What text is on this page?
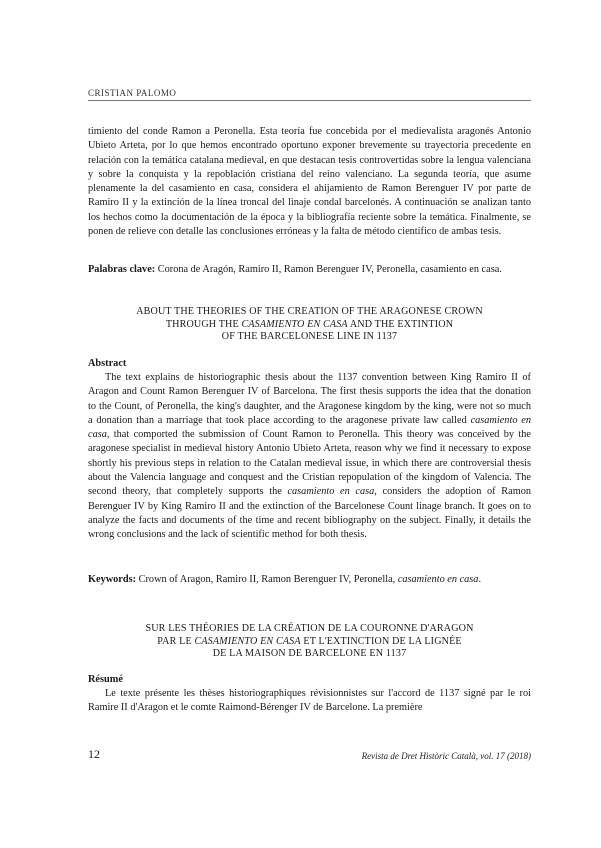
CRISTIAN PALOMO

timiento del conde Ramon a Peronella. Esta teoría fue concebida por el medievalista aragonés Antonio Ubieto Arteta, por lo que hemos encontrado oportuno exponer brevemente su trayectoria precedente en relación con la temática catalana medieval, en que destacan tesis controvertidas sobre la lengua valenciana y sobre la conquista y la repoblación cristiana del reino valenciano. La segunda teoría, que asume plenamente la del casamiento en casa, considera el ahijamiento de Ramon Berenguer IV por parte de Ramiro II y la extinción de la línea troncal del linaje condal barcelonés. A continuación se analizan tanto los hechos como la documentación de la época y la bibliografía reciente sobre la temática. Finalmente, se ponen de relieve con detalle las conclusiones erróneas y la falta de método científico de ambas tesis.

Palabras clave: Corona de Aragón, Ramiro II, Ramon Berenguer IV, Peronella, casamiento en casa.

ABOUT THE THEORIES OF THE CREATION OF THE ARAGONESE CROWN
THROUGH THE CASAMIENTO EN CASA AND THE EXTINTION
OF THE BARCELONESE LINE IN 1137
Abstract

The text explains de historiographic thesis about the 1137 convention between King Ramiro II of Aragon and Count Ramon Berenguer IV of Barcelona. The first thesis supports the idea that the donation to the Count, of Peronella, the king's daughter, and the Aragonese kingdom by the king, were not so much a donation than a marriage that took place according to the aragonese private law called casamiento en casa, that comported the submission of Count Ramon to Peronella. This theory was conceived by the aragonese specialist in medieval history Antonio Ubieto Arteta, reason why we find it necessary to expose shortly his previous steps in relation to the Catalan medieval issue, in which there are controversial thesis about the Valencia language and conquest and the Cristian repopulation of the kingdom of Valencia. The second theory, that completely supports the casamiento en casa, considers the adoption of Ramon Berenguer IV by King Ramiro II and the extinction of the Barcelonese Count linage branch. It goes on to analyze the facts and documents of the time and recent bibliography on the subject. Finally, it details the wrong conclusions and the lack of scientific method for both thesis.

Keywords: Crown of Aragon, Ramiro II, Ramon Berenguer IV, Peronella, casamiento en casa.

SUR LES THÉORIES DE LA CRÉATION DE LA COURONNE D'ARAGON
PAR LE CASAMIENTO EN CASA ET L'EXTINCTION DE LA LIGNÉE
DE LA MAISON DE BARCELONE EN 1137
Résumé

Le texte présente les thèses historiographiques révisionnistes sur l'accord de 1137 signé par le roi Ramire II d'Aragon et le comte Raimond-Bérenger IV de Barcelone. La première

12	Revista de Dret Històric Català, vol. 17 (2018)
